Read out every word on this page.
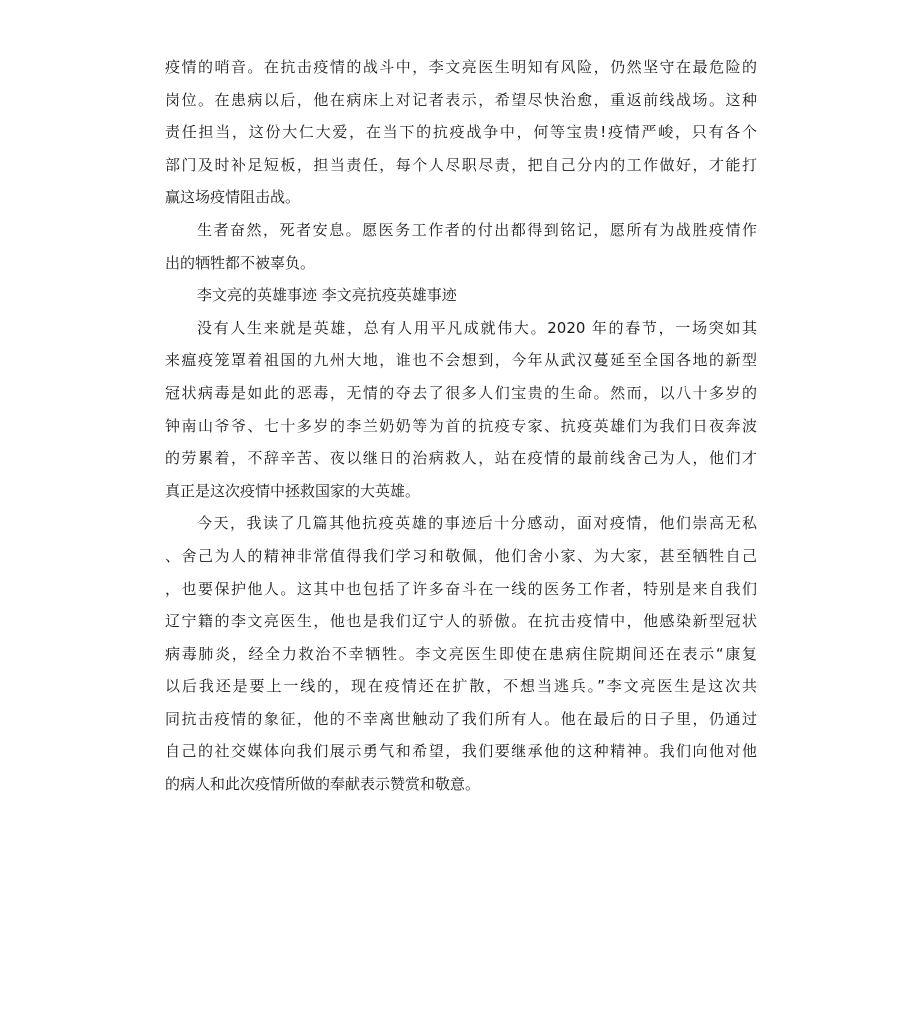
疫情的哨音。在抗击疫情的战斗中，李文亮医生明知有风险，仍然坚守在最危险的
岗位。在患病以后，他在病床上对记者表示，希望尽快治愈，重返前线战场。这种
责任担当，这份大仁大爱，在当下的抗疫战争中，何等宝贵!疫情严峻，只有各个
部门及时补足短板，担当责任，每个人尽职尽责，把自己分内的工作做好，才能打
赢这场疫情阻击战。
生者奋然，死者安息。愿医务工作者的付出都得到铭记，愿所有为战胜疫情作
出的牺牲都不被辜负。
李文亮的英雄事迹 李文亮抗疫英雄事迹
没有人生来就是英雄，总有人用平凡成就伟大。2020 年的春节，一场突如其
来瘟疫笼罩着祖国的九州大地，谁也不会想到，今年从武汉蔓延至全国各地的新型
冠状病毒是如此的恶毒，无情的夺去了很多人们宝贵的生命。然而，以八十多岁的
钟南山爷爷、七十多岁的李兰奶奶等为首的抗疫专家、抗疫英雄们为我们日夜奔波
的劳累着，不辞辛苦、夜以继日的治病救人，站在疫情的最前线舍己为人，他们才
真正是这次疫情中拯救国家的大英雄。
今天，我读了几篇其他抗疫英雄的事迹后十分感动，面对疫情，他们崇高无私
、舍己为人的精神非常值得我们学习和敬佩，他们舍小家、为大家，甚至牺牲自己
，也要保护他人。这其中也包括了许多奋斗在一线的医务工作者，特别是来自我们
辽宁籍的李文亮医生，他也是我们辽宁人的骄傲。在抗击疫情中，他感染新型冠状
病毒肺炎，经全力救治不幸牺牲。李文亮医生即使在患病住院期间还在表示“康复
以后我还是要上一线的，现在疫情还在扩散，不想当逃兵。”李文亮医生是这次共
同抗击疫情的象征，他的不幸离世触动了我们所有人。他在最后的日子里，仍通过
自己的社交媒体向我们展示勇气和希望，我们要继承他的这种精神。我们向他对他
的病人和此次疫情所做的奉献表示赞赏和敬意。
